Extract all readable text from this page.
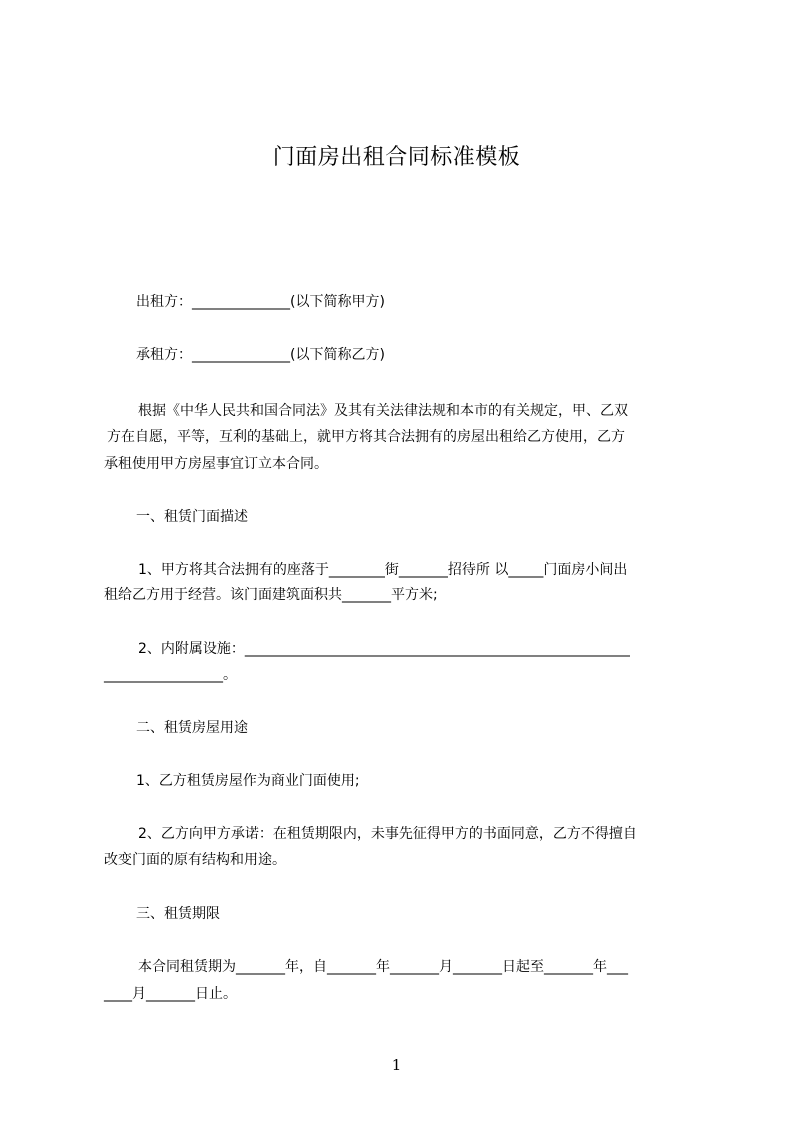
门面房出租合同标准模板
出租方：______________(以下简称甲方)
承租方：______________(以下简称乙方)
根据《中华人民共和国合同法》及其有关法律法规和本市的有关规定，甲、乙双
方在自愿，平等，互利的基础上，就甲方将其合法拥有的房屋出租给乙方使用，乙方
承租使用甲方房屋事宜订立本合同。
一、租赁门面描述
1、甲方将其合法拥有的座落于________街_______招待所 以_____门面房小间出
租给乙方用于经营。该门面建筑面积共_______平方米;
2、内附属设施：_______________________________________________________
_________________。
二、租赁房屋用途
1、乙方租赁房屋作为商业门面使用;
2、乙方向甲方承诺：在租赁期限内，未事先征得甲方的书面同意，乙方不得擅自
改变门面的原有结构和用途。
三、租赁期限
本合同租赁期为_______年，自_______年_______月_______日起至_______年___
____月_______日止。
1
